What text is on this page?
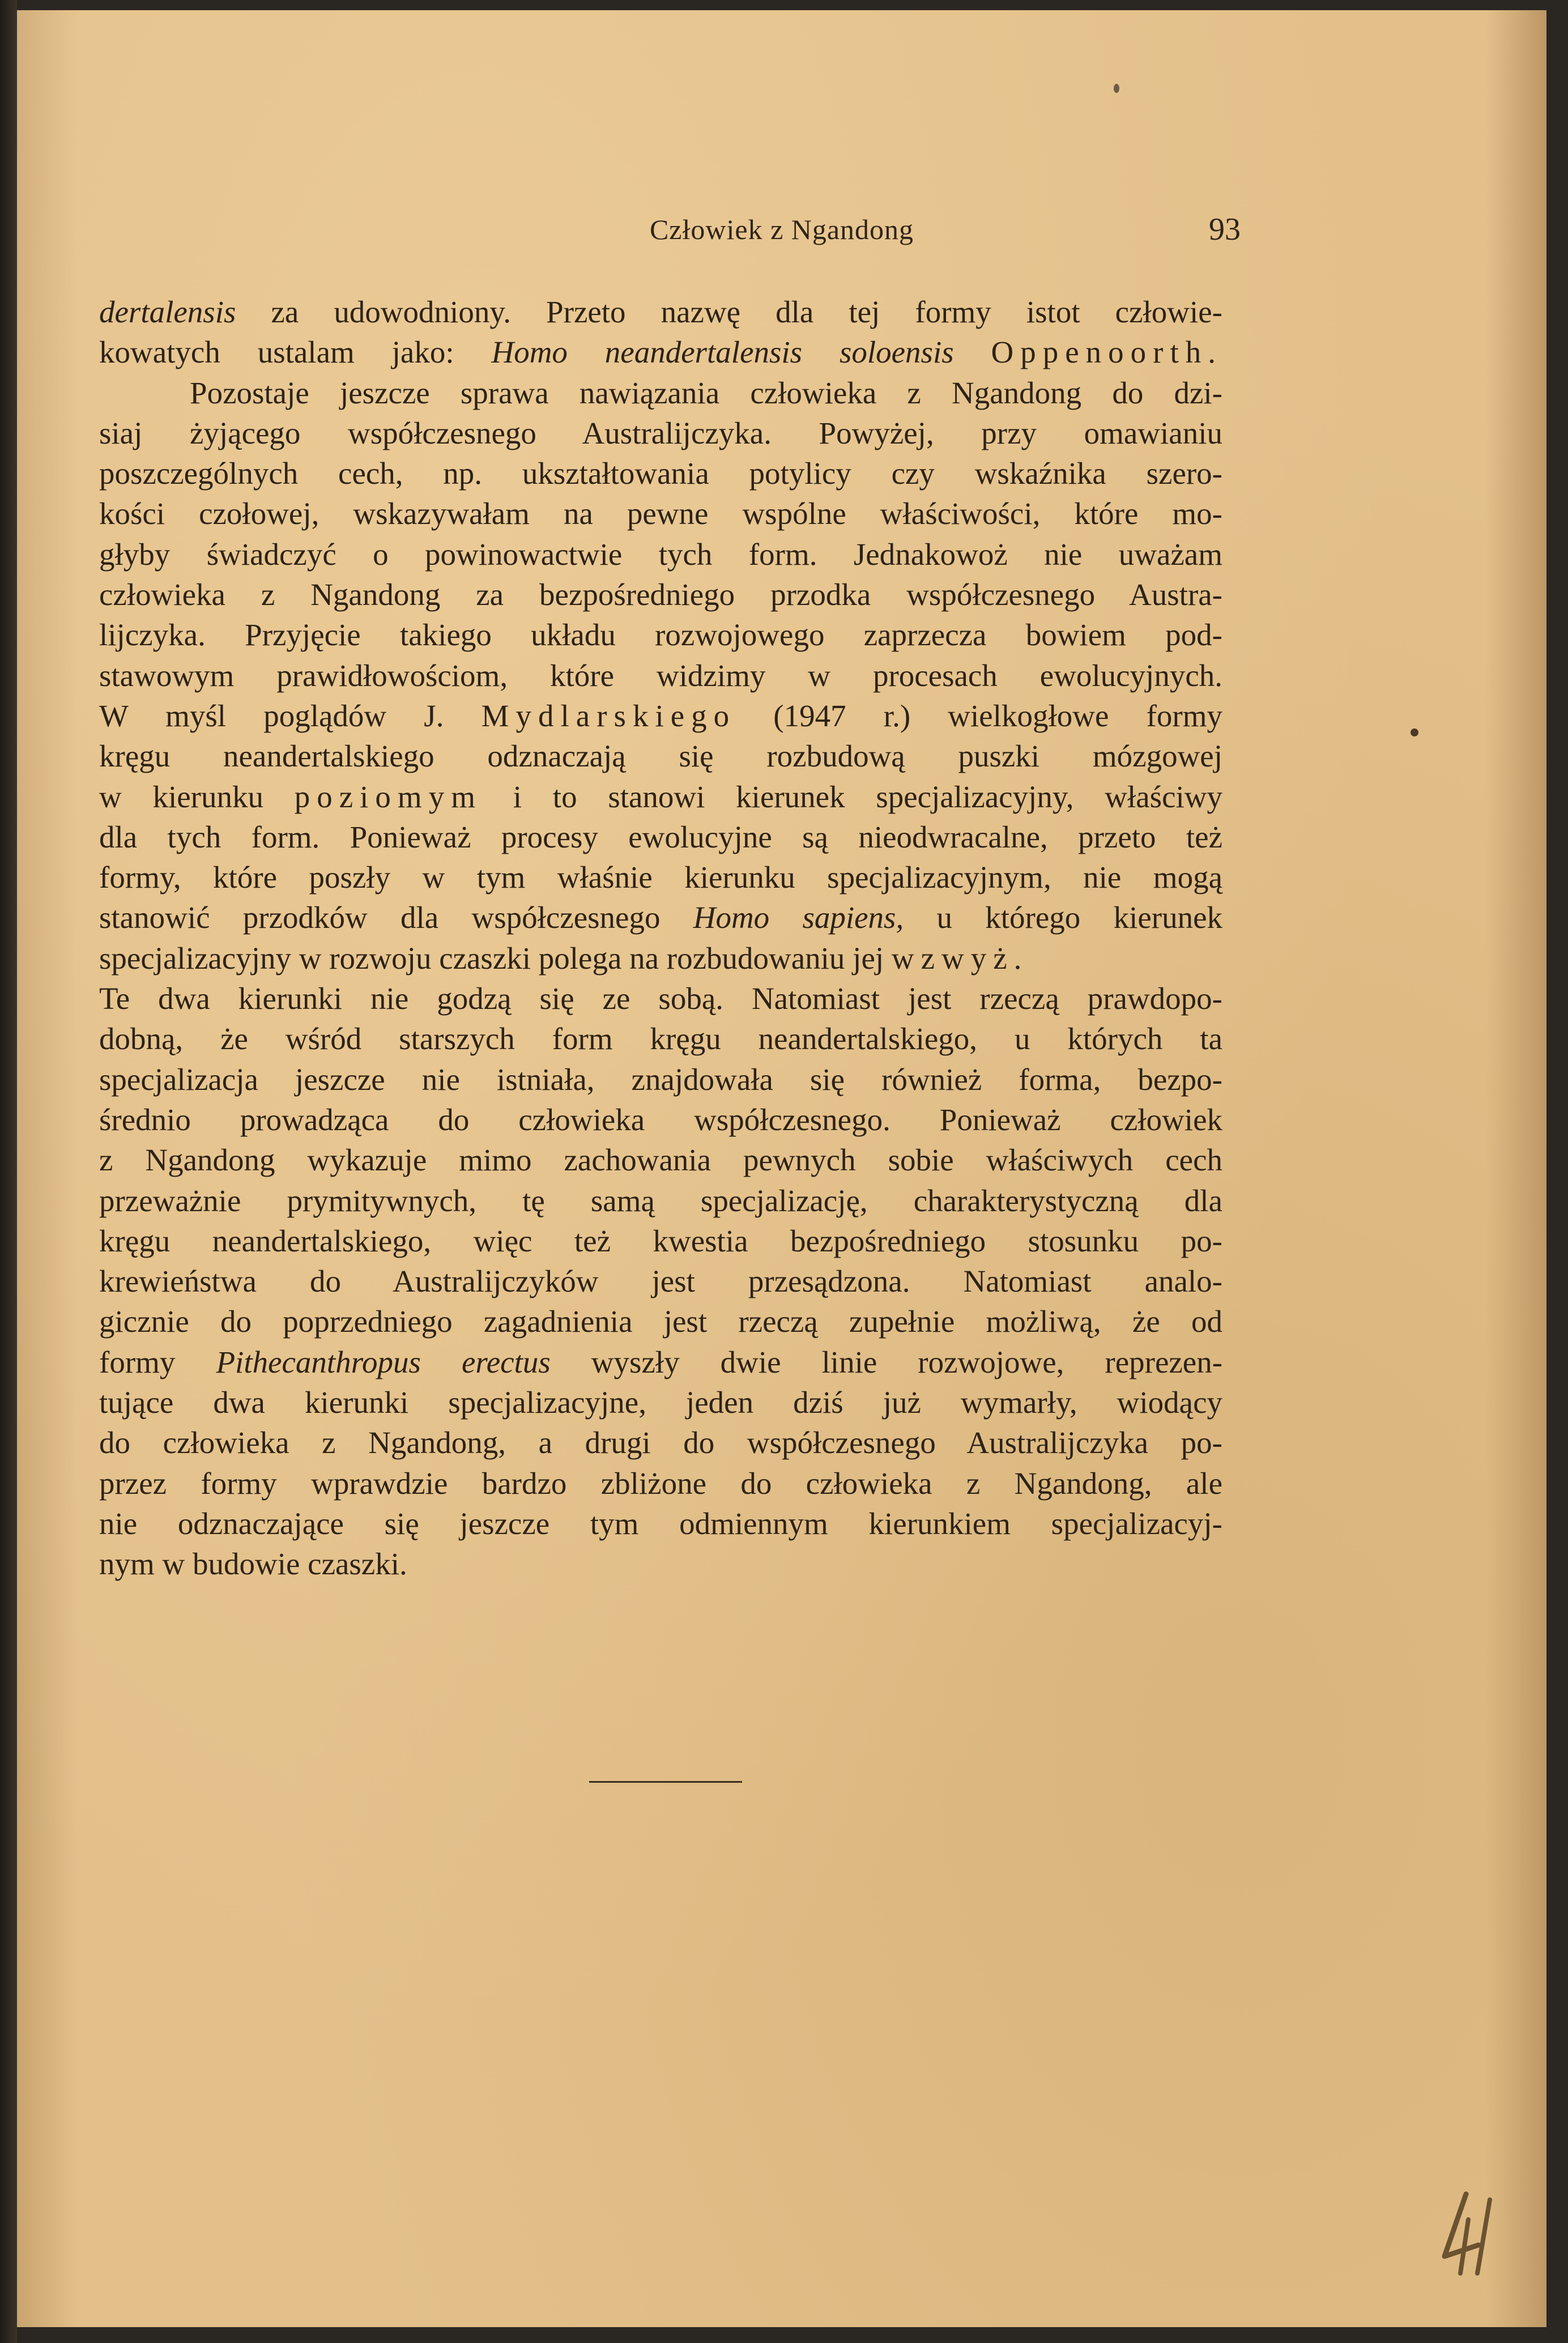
Człowiek z Ngandong	93
dertalensis za udowodniony. Przeto nazwę dla tej formy istot człowie-
kowatych ustalam jako: Homo neandertalensis soloensis Oppenoorth.
Pozostaje jeszcze sprawa nawiązania człowieka z Ngandong do dzi-
siaj żyjącego współczesnego Australijczyka. Powyżej, przy omawianiu
poszczególnych cech, np. ukształtowania potylicy czy wskaźnika szero-
kości czołowej, wskazywałam na pewne wspólne właściwości, które mo-
głyby świadczyć o powinowactwie tych form. Jednakowoż nie uważam
człowieka z Ngandong za bezpośredniego przodka współczesnego Austra-
lijczyka. Przyjęcie takiego układu rozwojowego zaprzecza bowiem pod-
stawowym prawidłowościom, które widzimy w procesach ewolucyjnych.
W myśl poglądów J. Mydlarskiego (1947 r.) wielkogłowe formy
kręgu neandertalskiego odznaczają się rozbudową puszki mózgowej
w kierunku poziomym i to stanowi kierunek specjalizacyjny, właściwy
dla tych form. Ponieważ procesy ewolucyjne są nieodwracalne, przeto też
formy, które poszły w tym właśnie kierunku specjalizacyjnym, nie mogą
stanowić przodków dla współczesnego Homo sapiens, u którego kierunek
specjalizacyjny w rozwoju czaszki polega na rozbudowaniu jej wzwyż.
Te dwa kierunki nie godzą się ze sobą. Natomiast jest rzeczą prawdopo-
dobną, że wśród starszych form kręgu neandertalskiego, u których ta
specjalizacja jeszcze nie istniała, znajdowała się również forma, bezpo-
średnio prowadząca do człowieka współczesnego. Ponieważ człowiek
z Ngandong wykazuje mimo zachowania pewnych sobie właściwych cech
przeważnie prymitywnych, tę samą specjalizację, charakterystyczną dla
kręgu neandertalskiego, więc też kwestia bezpośredniego stosunku po-
krewieństwa do Australijczyków jest przesądzona. Natomiast analo-
gicznie do poprzedniego zagadnienia jest rzeczą zupełnie możliwą, że od
formy Pithecanthropus erectus wyszły dwie linie rozwojowe, reprezen-
tujące dwa kierunki specjalizacyjne, jeden dziś już wymarły, wiodący
do człowieka z Ngandong, a drugi do współczesnego Australijczyka po-
przez formy wprawdzie bardzo zbliżone do człowieka z Ngandong, ale
nie odznaczające się jeszcze tym odmiennym kierunkiem specjalizacyj-
nym w budowie czaszki.
